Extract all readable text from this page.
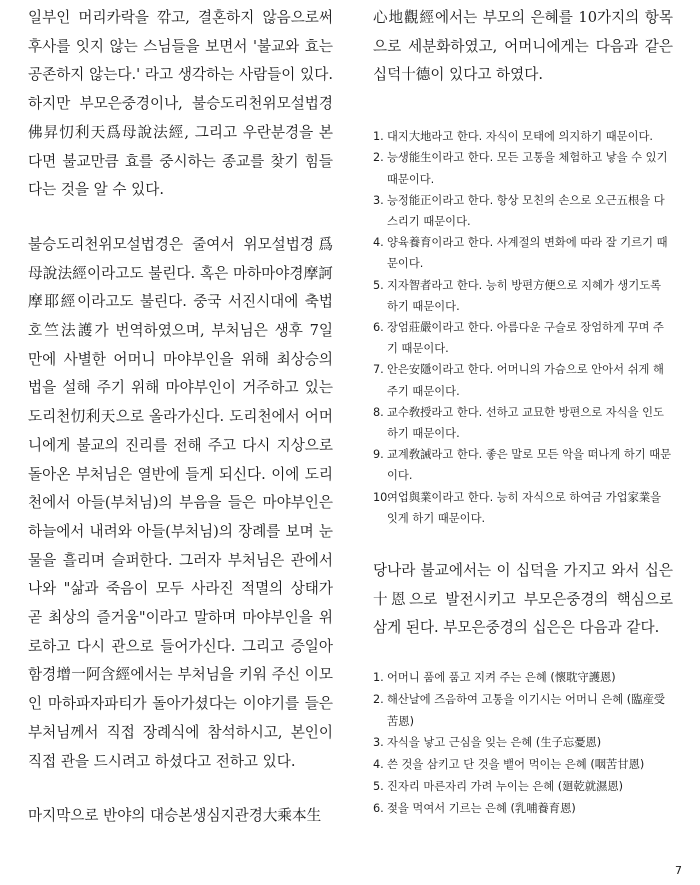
일부인 머리카락을 깎고, 결혼하지 않음으로써 후사를 잇지 않는 스님들을 보면서 '불교와 효는 공존하지 않는다.' 라고 생각하는 사람들이 있다. 하지만 부모은중경이나, 불승도리천위모설법경佛昇忉利天爲母說法經, 그리고 우란분경을 본다면 불교만큼 효를 중시하는 종교를 찾기 힘들다는 것을 알 수 있다.

불승도리천위모설법경은 줄여서 위모설법경爲母說法經이라고도 불린다. 혹은 마하마야경摩訶摩耶經이라고도 불린다. 중국 서진시대에 축법호竺法護가 번역하였으며, 부처님은 생후 7일 만에 사별한 어머니 마야부인을 위해 최상승의 법을 설해 주기 위해 마야부인이 거주하고 있는 도리천忉利天으로 올라가신다. 도리천에서 어머니에게 불교의 진리를 전해 주고 다시 지상으로 돌아온 부처님은 열반에 들게 되신다. 이에 도리천에서 아들(부처님)의 부음을 들은 마야부인은 하늘에서 내려와 아들(부처님)의 장례를 보며 눈물을 흘리며 슬퍼한다. 그러자 부처님은 관에서 나와 "삶과 죽음이 모두 사라진 적멸의 상태가 곧 최상의 즐거움"이라고 말하며 마야부인을 위로하고 다시 관으로 들어가신다. 그리고 증일아함경增一阿含經에서는 부처님을 키워 주신 이모인 마하파자파티가 돌아가셨다는 이야기를 들은 부처님께서 직접 장례식에 참석하시고, 본인이 직접 관을 드시려고 하셨다고 전하고 있다.

마지막으로 반야의 대승본생심지관경大乘本生

心地觀經에서는 부모의 은혜를 10가지의 항목으로 세분화하였고, 어머니에게는 다음과 같은 십덕十德이 있다고 하였다.

1. 대지大地라고 한다. 자식이 모태에 의지하기 때문이다.
2. 능생能生이라고 한다. 모든 고통을 체험하고 낳을 수 있기 때문이다.
3. 능정能正이라고 한다. 항상 모친의 손으로 오근五根을 다스리기 때문이다.
4. 양육養育이라고 한다. 사계절의 변화에 따라 잘 기르기 때문이다.
5. 지자智者라고 한다. 능히 방편方便으로 지혜가 생기도록 하기 때문이다.
6. 장엄莊嚴이라고 한다. 아름다운 구슬로 장엄하게 꾸며 주기 때문이다.
7. 안은安隱이라고 한다. 어머니의 가슴으로 안아서 쉬게 해 주기 때문이다.
8. 교수敎授라고 한다. 선하고 교묘한 방편으로 자식을 인도하기 때문이다.
9. 교계敎誡라고 한다. 좋은 말로 모든 악을 떠나게 하기 때문이다.
10.
여업與業이라고 한다. 능히 자식으로 하여금 가업家業을 잇게 하기 때문이다.

당나라 불교에서는 이 십덕을 가지고 와서 십은十恩으로 발전시키고 부모은중경의 핵심으로 삼게 된다. 부모은중경의 십은은 다음과 같다.

1. 어머니 품에 품고 지켜 주는 은혜 (懷耽守護恩)
2. 해산날에 즈음하여 고통을 이기시는 어머니 은혜 (臨産受苦恩)
3. 자식을 낳고 근심을 잊는 은혜 (生子忘憂恩)
4. 쓴 것을 삼키고 단 것을 뱉어 먹이는 은혜 (咽苦甘恩)
5. 진자리 마른자리 가려 누이는 은혜 (廻乾就濕恩)
6. 젖을 먹여서 기르는 은혜 (乳哺養育恩)
7
